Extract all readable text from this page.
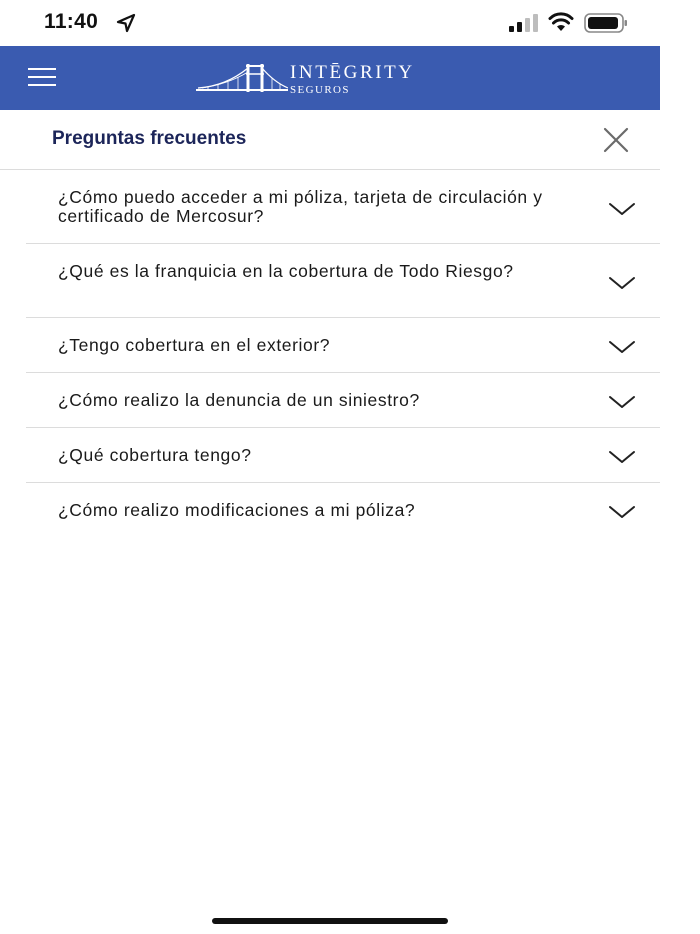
11:40
INTĒGRITY
SEGUROS
Preguntas frecuentes
¿Cómo puedo acceder a mi póliza, tarjeta de circulación y certificado de Mercosur?
¿Qué es la franquicia en la cobertura de Todo Riesgo?
¿Tengo cobertura en el exterior?
¿Cómo realizo la denuncia de un siniestro?
¿Qué cobertura tengo?
¿Cómo realizo modificaciones a mi póliza?
